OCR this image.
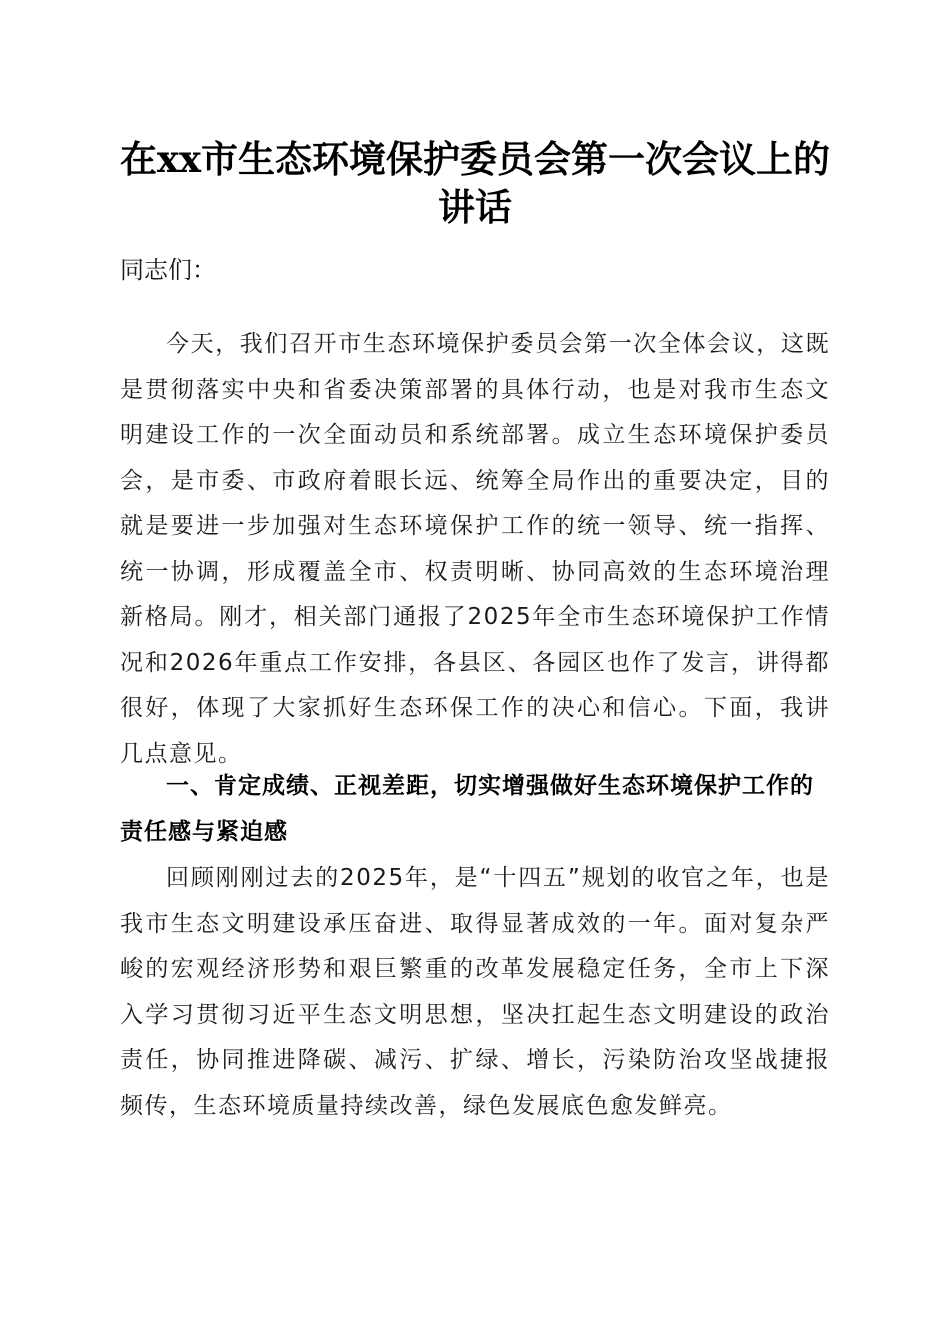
在xx市生态环境保护委员会第一次会议上的
讲话

同志们：

今天，我们召开市生态环境保护委员会第一次全体会议，这既是贯彻落实中央和省委决策部署的具体行动，也是对我市生态文明建设工作的一次全面动员和系统部署。成立生态环境保护委员会，是市委、市政府着眼长远、统筹全局作出的重要决定，目的就是要进一步加强对生态环境保护工作的统一领导、统一指挥、统一协调，形成覆盖全市、权责明晰、协同高效的生态环境治理新格局。刚才，相关部门通报了2025年全市生态环境保护工作情况和2026年重点工作安排，各县区、各园区也作了发言，讲得都很好，体现了大家抓好生态环保工作的决心和信心。下面，我讲几点意见。

一、肯定成绩、正视差距，切实增强做好生态环境保护工作的责任感与紧迫感

回顾刚刚过去的2025年，是“十四五”规划的收官之年，也是我市生态文明建设承压奋进、取得显著成效的一年。面对复杂严峻的宏观经济形势和艰巨繁重的改革发展稳定任务，全市上下深入学习贯彻习近平生态文明思想，坚决扛起生态文明建设的政治责任，协同推进降碳、减污、扩绿、增长，污染防治攻坚战捷报频传，生态环境质量持续改善，绿色发展底色愈发鲜亮。
